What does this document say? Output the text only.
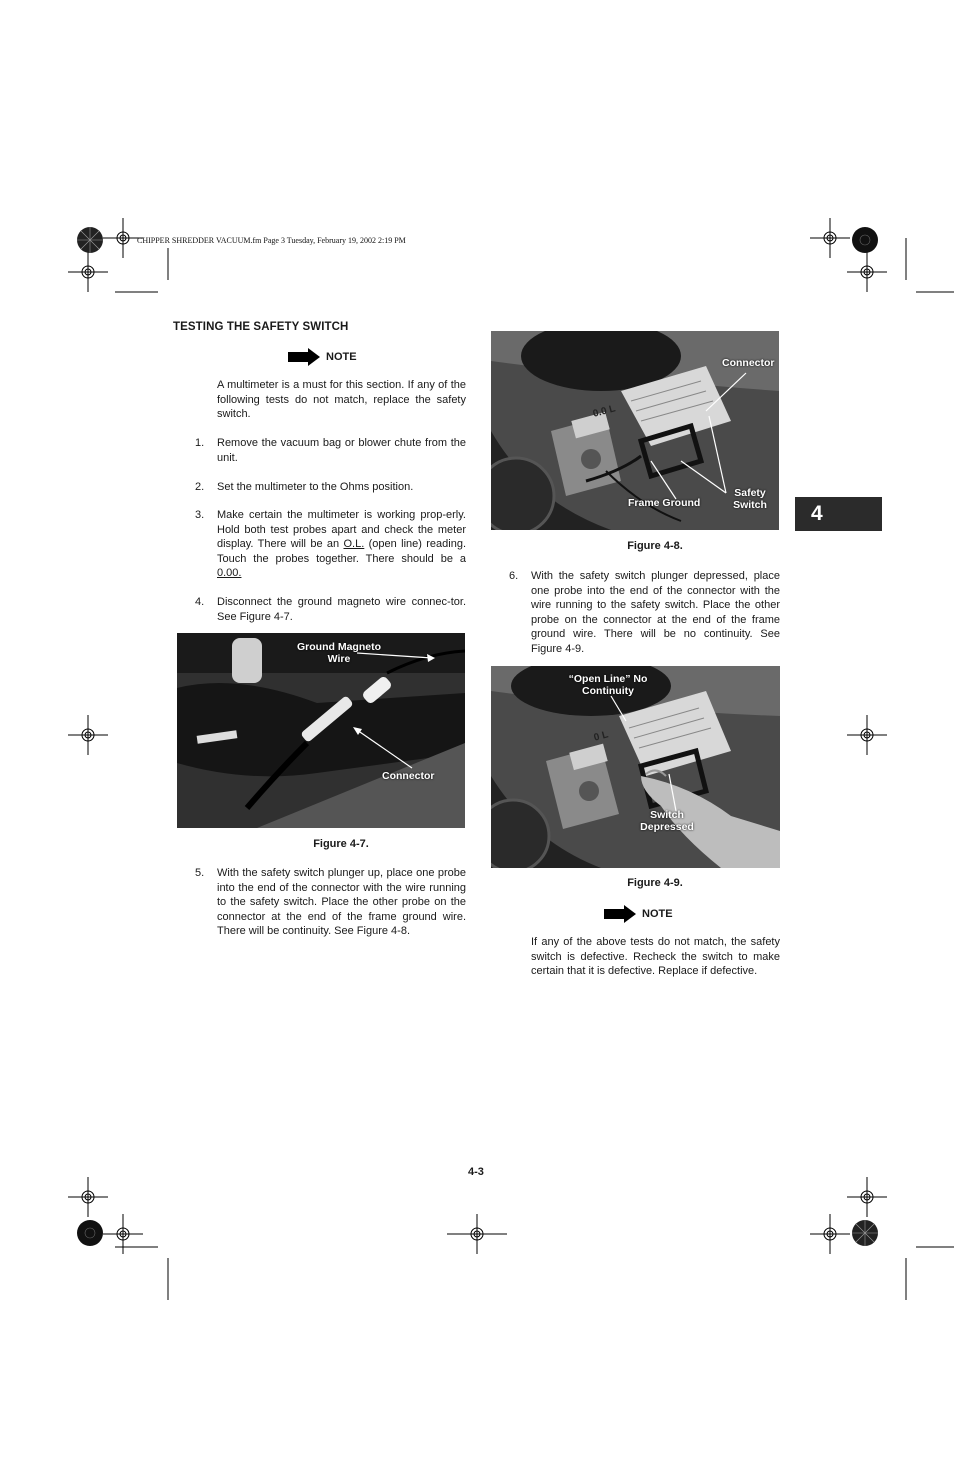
CHIPPER SHREDDER VACUUM.fm Page 3 Tuesday, February 19, 2002 2:19 PM
TESTING THE SAFETY SWITCH
NOTE
A multimeter is a must for this section. If any of the following tests do not match, replace the safety switch.
1. Remove the vacuum bag or blower chute from the unit.
2. Set the multimeter to the Ohms position.
3. Make certain the multimeter is working prop-erly. Hold both test probes apart and check the meter display. There will be an O.L. (open line) reading. Touch the probes together. There should be a 0.00.
4. Disconnect the ground magneto wire connec-tor. See Figure 4-7.
Ground Magneto Wire
Connector
Figure 4-7.
5. With the safety switch plunger up, place one probe into the end of the connector with the wire running to the safety switch. Place the other probe on the connector at the end of the frame ground wire. There will be continuity. See Figure 4-8.
0.0 L
Connector
Frame Ground
Safety Switch
Figure 4-8.
6. With the safety switch plunger depressed, place one probe into the end of the connector with the wire running to the safety switch. Place the other probe on the connector at the end of the frame ground wire. There will be no continuity. See Figure 4-9.
0 L
“Open Line” No Continuity
Switch Depressed
Figure 4-9.
NOTE
If any of the above tests do not match, the safety switch is defective. Recheck the switch to make certain that it is defective. Replace if defective.
4
4-3
